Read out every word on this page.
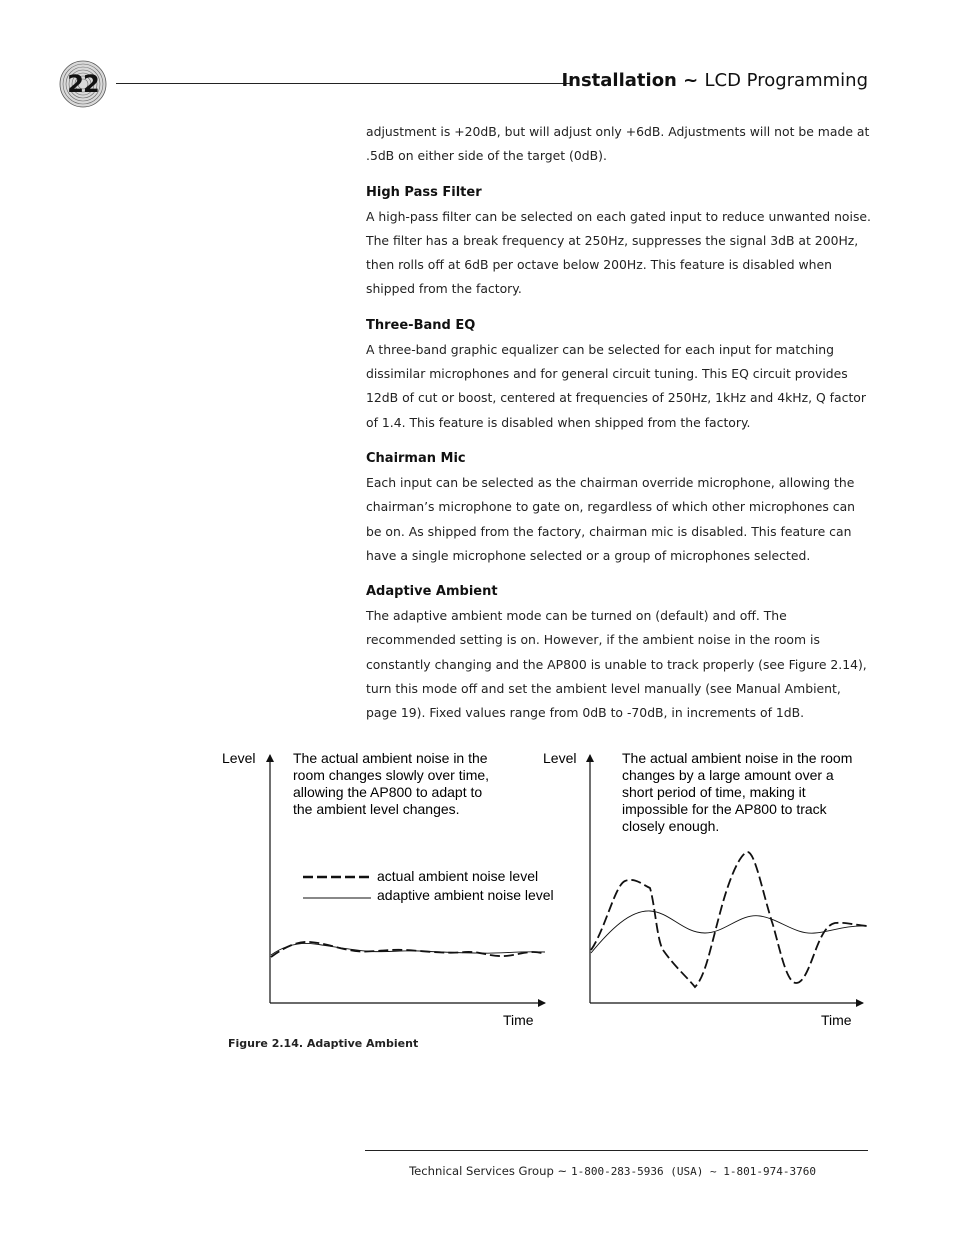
22	Installation ~ LCD Programming

adjustment is +20dB, but will adjust only +6dB. Adjustments will not be made at .5dB on either side of the target (0dB).

High Pass Filter

A high-pass filter can be selected on each gated input to reduce unwanted noise. The filter has a break frequency at 250Hz, suppresses the signal 3dB at 200Hz, then rolls off at 6dB per octave below 200Hz. This feature is disabled when shipped from the factory.

Three-Band EQ

A three-band graphic equalizer can be selected for each input for matching dissimilar microphones and for general circuit tuning. This EQ circuit provides 12dB of cut or boost, centered at frequencies of 250Hz, 1kHz and 4kHz, Q factor of 1.4. This feature is disabled when shipped from the factory.

Chairman Mic

Each input can be selected as the chairman override microphone, allowing the chairman’s microphone to gate on, regardless of which other microphones can be on. As shipped from the factory, chairman mic is disabled. This feature can have a single microphone selected or a group of microphones selected.

Adaptive Ambient

The adaptive ambient mode can be turned on (default) and off. The recommended setting is on. However, if the ambient noise in the room is constantly changing and the AP800 is unable to track properly (see Figure 2.14), turn this mode off and set the ambient level manually (see Manual Ambient, page 19). Fixed values range from 0dB to -70dB, in increments of 1dB.

Level
Time
The actual ambient noise in the
room changes slowly over time,
allowing the AP800 to adapt to
the ambient level changes.
actual ambient noise level
adaptive ambient noise level
Level
Time
The actual ambient noise in the room
changes by a large amount over a
short period of time, making it
impossible for the AP800 to track
closely enough.
Figure 2.14. Adaptive Ambient
Technical Services Group ~ 1-800-283-5936 (USA) ~ 1-801-974-3760
